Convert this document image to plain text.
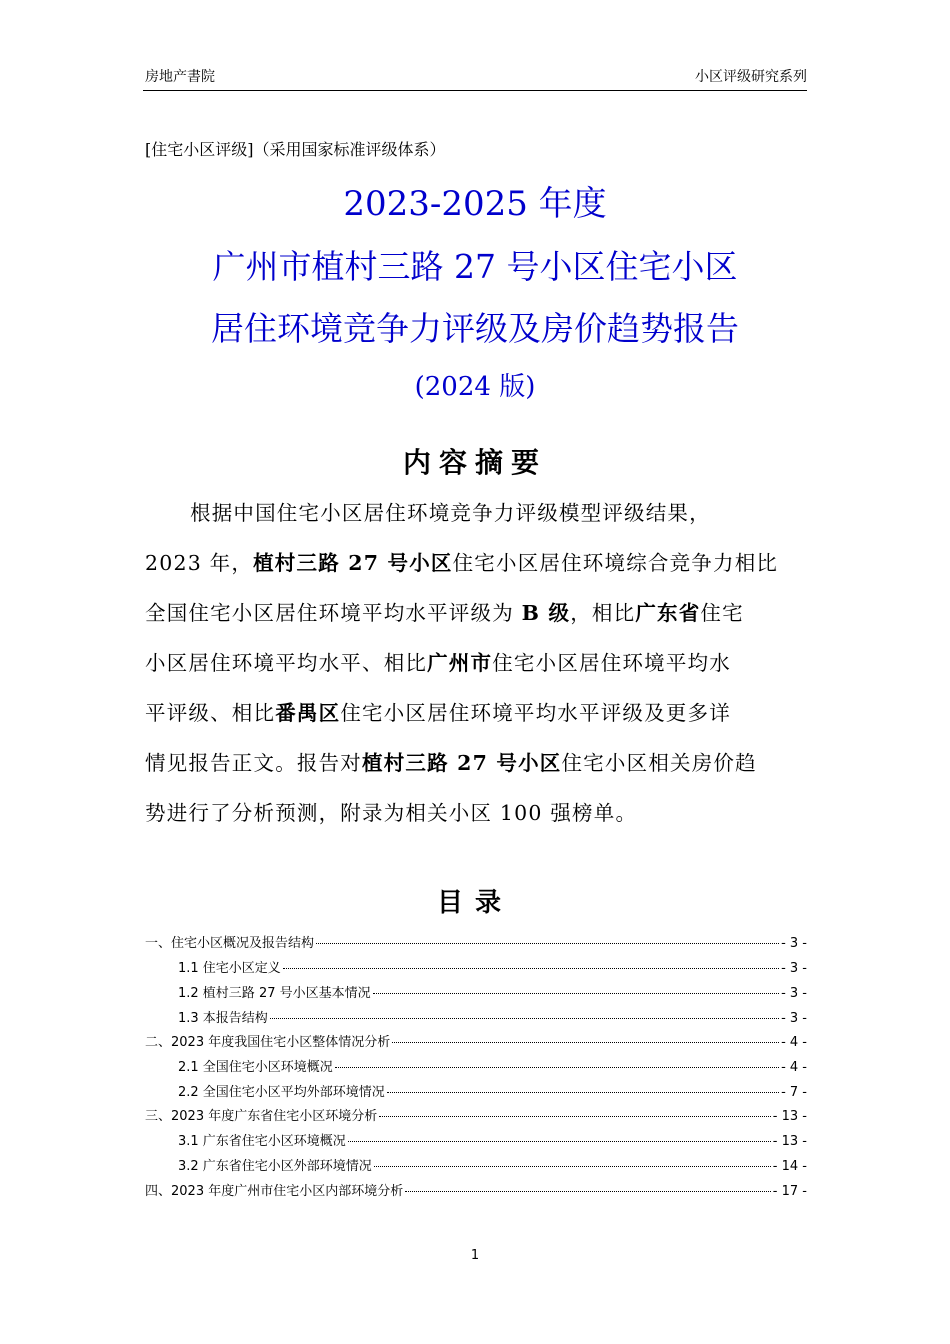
房地产書院	小区评级研究系列
[住宅小区评级]（采用国家标准评级体系）
2023-2025 年度
广州市植村三路 27 号小区住宅小区
居住环境竞争力评级及房价趋势报告
(2024 版)
内容摘要
根据中国住宅小区居住环境竞争力评级模型评级结果，
2023 年，植村三路 27 号小区住宅小区居住环境综合竞争力相比
全国住宅小区居住环境平均水平评级为 B 级，相比广东省住宅
小区居住环境平均水平、相比广州市住宅小区居住环境平均水
平评级、相比番禺区住宅小区居住环境平均水平评级及更多详
情见报告正文。报告对植村三路 27 号小区住宅小区相关房价趋
势进行了分析预测，附录为相关小区 100 强榜单。
目录
一、住宅小区概况及报告结构	- 3 -
1.1 住宅小区定义	- 3 -
1.2 植村三路 27 号小区基本情况	- 3 -
1.3 本报告结构	- 3 -
二、2023 年度我国住宅小区整体情况分析	- 4 -
2.1 全国住宅小区环境概况	- 4 -
2.2 全国住宅小区平均外部环境情况	- 7 -
三、2023 年度广东省住宅小区环境分析	- 13 -
3.1 广东省住宅小区环境概况	- 13 -
3.2 广东省住宅小区外部环境情况	- 14 -
四、2023 年度广州市住宅小区内部环境分析	- 17 -
1
